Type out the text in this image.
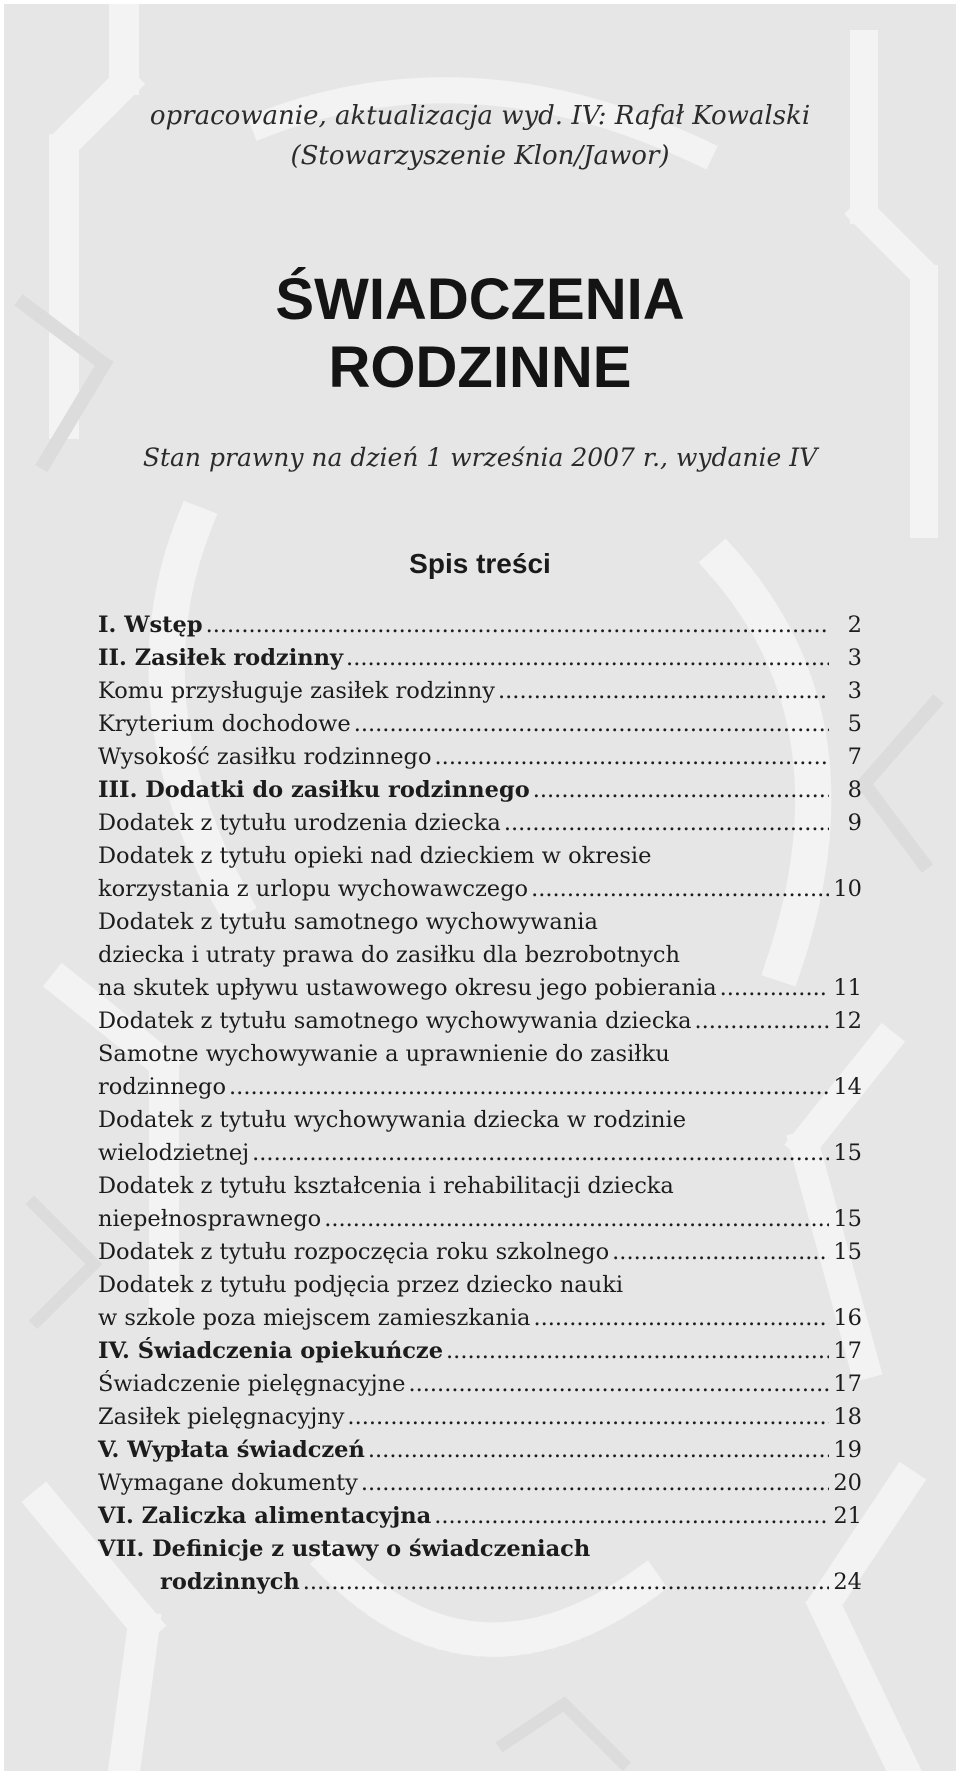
opracowanie, aktualizacja wyd. IV: Rafał Kowalski
(Stowarzyszenie Klon/Jawor)
ŚWIADCZENIA
RODZINNE
Stan prawny na dzień 1 września 2007 r., wydanie IV
Spis treści
I. Wstęp .....	2
II. Zasiłek rodzinny .....	3
Komu przysługuje zasiłek rodzinny .....	3
Kryterium dochodowe .....	5
Wysokość zasiłku rodzinnego .....	7
III. Dodatki do zasiłku rodzinnego .....	8
Dodatek z tytułu urodzenia dziecka .....	9
Dodatek z tytułu opieki nad dzieckiem w okresie
korzystania z urlopu wychowawczego .....	10
Dodatek z tytułu samotnego wychowywania
dziecka i utraty prawa do zasiłku dla bezrobotnych
na skutek upływu ustawowego okresu jego pobierania .....	11
Dodatek z tytułu samotnego wychowywania dziecka .....	12
Samotne wychowywanie a uprawnienie do zasiłku
rodzinnego .....	14
Dodatek z tytułu wychowywania dziecka w rodzinie
wielodzietnej .....	15
Dodatek z tytułu kształcenia i rehabilitacji dziecka
niepełnosprawnego .....	15
Dodatek z tytułu rozpoczęcia roku szkolnego .....	15
Dodatek z tytułu podjęcia przez dziecko nauki
w szkole poza miejscem zamieszkania .....	16
IV. Świadczenia opiekuńcze .....	17
Świadczenie pielęgnacyjne .....	17
Zasiłek pielęgnacyjny .....	18
V. Wypłata świadczeń .....	19
Wymagane dokumenty .....	20
VI. Zaliczka alimentacyjna .....	21
VII. Definicje z ustawy o świadczeniach
rodzinnych .....	24
